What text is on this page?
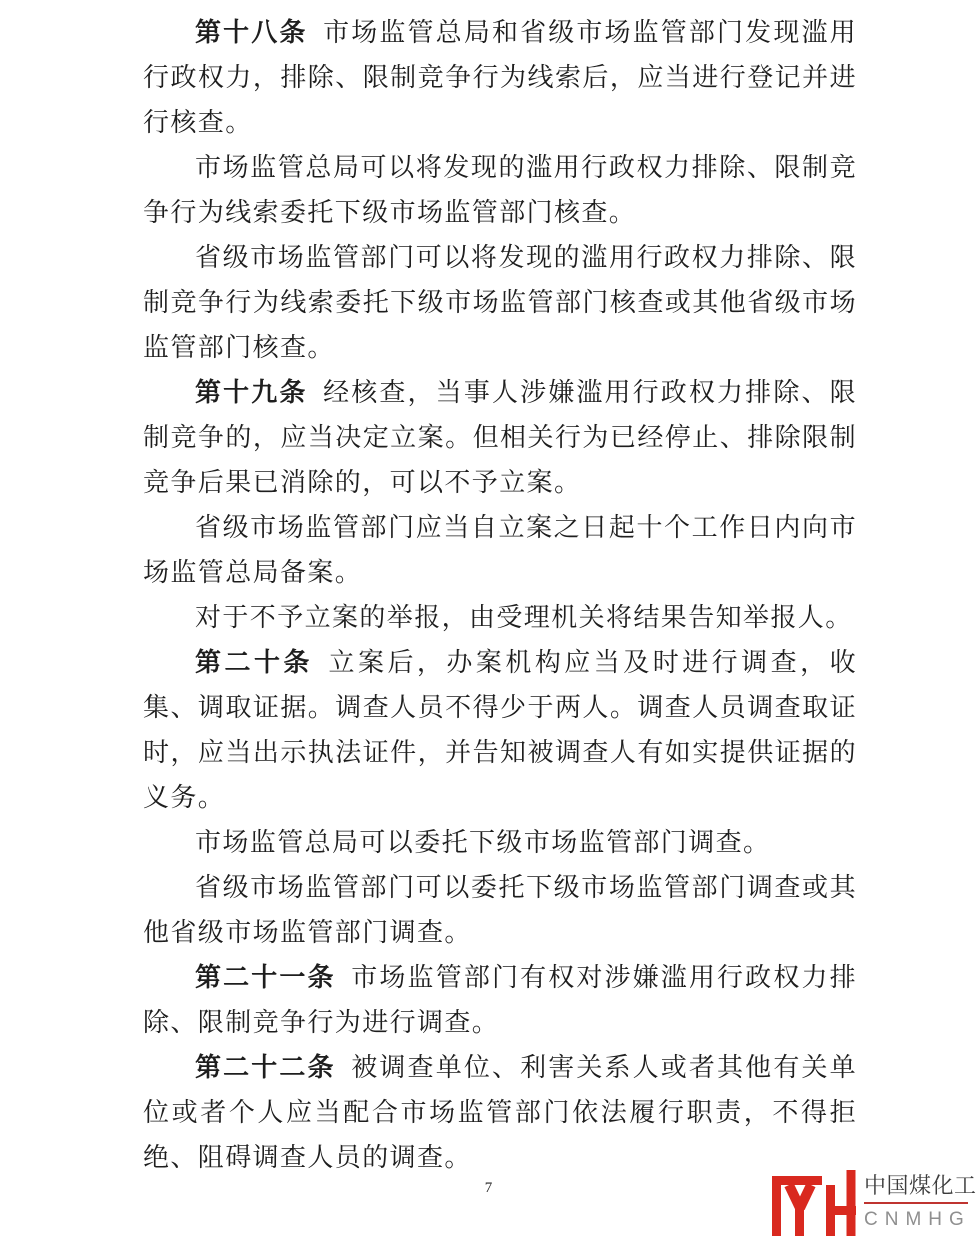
第十八条 市场监管总局和省级市场监管部门发现滥用行政权力，排除、限制竞争行为线索后，应当进行登记并进行核查。

市场监管总局可以将发现的滥用行政权力排除、限制竞争行为线索委托下级市场监管部门核查。

省级市场监管部门可以将发现的滥用行政权力排除、限制竞争行为线索委托下级市场监管部门核查或其他省级市场监管部门核查。

第十九条 经核查，当事人涉嫌滥用行政权力排除、限制竞争的，应当决定立案。但相关行为已经停止、排除限制竞争后果已消除的，可以不予立案。

省级市场监管部门应当自立案之日起十个工作日内向市场监管总局备案。

对于不予立案的举报，由受理机关将结果告知举报人。

第二十条 立案后，办案机构应当及时进行调查，收集、调取证据。调查人员不得少于两人。调查人员调查取证时，应当出示执法证件，并告知被调查人有如实提供证据的义务。

市场监管总局可以委托下级市场监管部门调查。

省级市场监管部门可以委托下级市场监管部门调查或其他省级市场监管部门调查。

第二十一条 市场监管部门有权对涉嫌滥用行政权力排除、限制竞争行为进行调查。

第二十二条 被调查单位、利害关系人或者其他有关单位或者个人应当配合市场监管部门依法履行职责，不得拒绝、阻碍调查人员的调查。

7	中国煤化工
CNMHG
